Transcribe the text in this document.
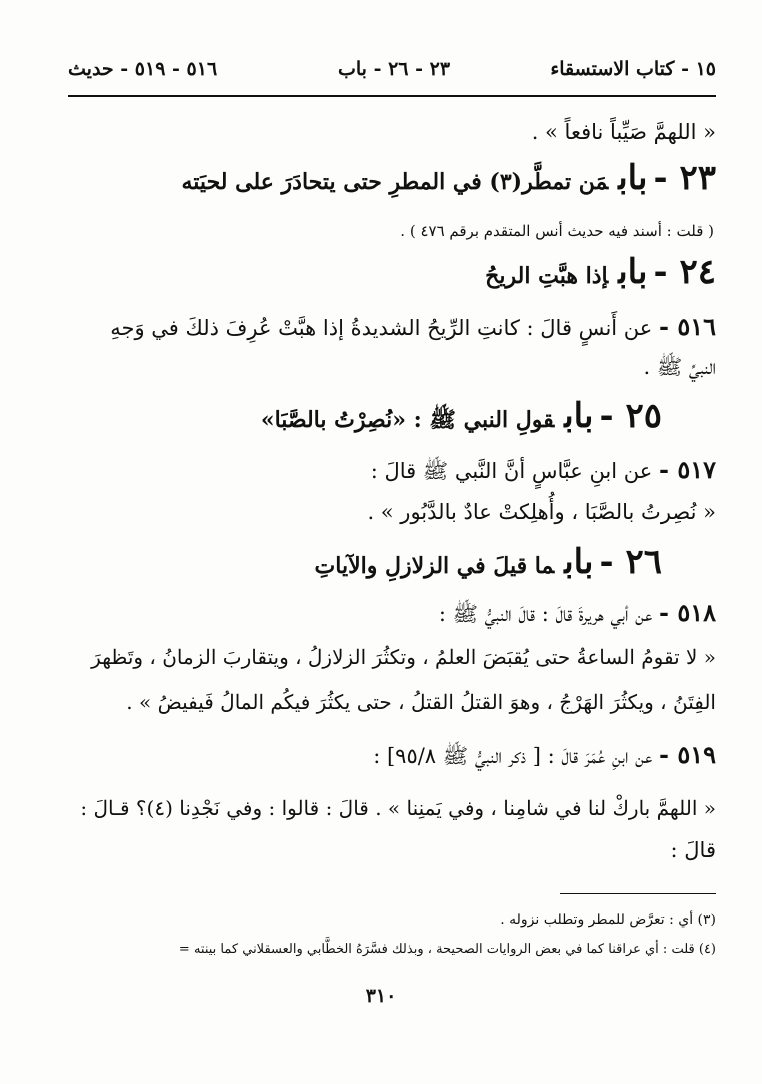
١٥ - كتاب الاستسقاء
٢٣ - ٢٦ - باب
٥١٦ - ٥١٩ - حديث
« اللهمَّ صَيِّباً نافعاً » .
٢٣ -بابمَن تمطَّر(٣) في المطرِ حتى يتحادَرَ على لحيَته
( قلت : أسند فيه حديث أنس المتقدم برقم ٤٧٦ ) .
٢٤ -بابإذا هبَّتِ الريحُ
٥١٦ - عن أَنسٍ قالَ : كانتِ الرِّيحُ الشديدةُ إذا هبَّتْ عُرِفَ ذلكَ في وَجهِ
النبيِّ ﷺ .
٢٥ -بابقولِ النبي ﷺ : «نُصِرْتُ بالصَّبَا»
٥١٧ - عن ابنِ عبَّاسٍ أنَّ النَّبي ﷺ قالَ :
« نُصِرتُ بالصَّبَا ، وأُهلِكتْ عادٌ بالدَّبُور » .
٢٦ -بابما قيلَ في الزلازلِ والآياتِ
٥١٨ - عن أبي هريرةَ قالَ : قالَ النبيُّ ﷺ :
« لا تقومُ الساعةُ حتى يُقبَضَ العلمُ ، وتكثُرَ الزلازلُ ، ويتقاربَ الزمانُ ، وتَظهرَ
الفِتَنُ ، ويكثُرَ الهَرْجُ ، وهوَ القتلُ القتلُ ، حتى يكثُرَ فيكُم المالُ فَيفيضُ » .
٥١٩ - عن ابنِ عُمَرَ قالَ : [ ذكر النبيُّ ﷺ ٩٥/٨] :
« اللهمَّ باركْ لنا في شامِنا ، وفي يَمنِنا » . قالَ : قالوا : وفي نَجْدِنا (٤)؟ قـالَ :
قالَ :
(٣) أي : تعرَّض للمطر وتطلب نزوله .
(٤) قلت : أي عراقنا كما في بعض الروايات الصحيحة ، وبذلك فسَّرَهُ الخطَّابي والعسقلاني كما بينته =
٣١٠
